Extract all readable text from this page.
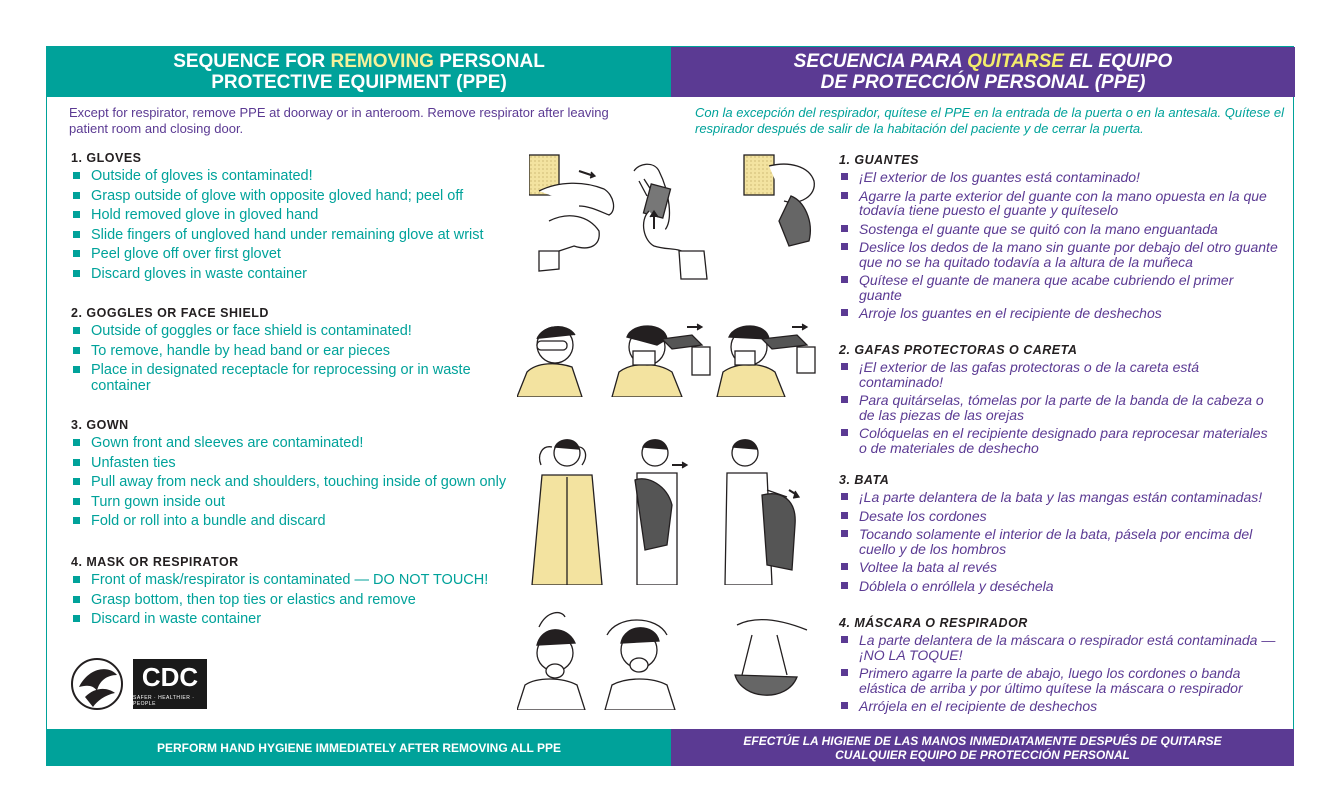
SEQUENCE FOR REMOVING PERSONAL
PROTECTIVE EQUIPMENT (PPE)
SECUENCIA PARA QUITARSE EL EQUIPO
DE PROTECCIÓN PERSONAL (PPE)
Except for respirator, remove PPE at doorway or in anteroom. Remove respirator after leaving patient room and closing door.
Con la excepción del respirador, quítese el PPE en la entrada de la puerta o en la antesala. Quítese el respirador después de salir de la habitación del paciente y de cerrar la puerta.
1. GLOVES
Outside of gloves is contaminated!
Grasp outside of glove with opposite gloved hand; peel off
Hold removed glove in gloved hand
Slide fingers of ungloved hand under remaining glove at wrist
Peel glove off over first glovet
Discard gloves in waste container
2. GOGGLES OR FACE SHIELD
Outside of goggles or face shield is contaminated!
To remove, handle by head band or ear pieces
Place in designated receptacle for reprocessing or in waste container
3. GOWN
Gown front and sleeves are contaminated!
Unfasten ties
Pull away from neck and shoulders, touching inside of gown only
Turn gown inside out
Fold or roll into a bundle and discard
4. MASK OR RESPIRATOR
Front of mask/respirator is contaminated — DO NOT TOUCH!
Grasp bottom, then top ties or elastics and remove
Discard in waste container
1. GUANTES
¡El exterior de los guantes está contaminado!
Agarre la parte exterior del guante con la mano opuesta en la que todavía tiene puesto el guante y quíteselo
Sostenga el guante que se quitó con la mano enguantada
Deslice los dedos de la mano sin guante por debajo del otro guante que no se ha quitado todavía a la altura de la muñeca
Quítese el guante de manera que acabe cubriendo el primer guante
Arroje los guantes en el recipiente de deshechos
2. GAFAS PROTECTORAS O CARETA
¡El exterior de las gafas protectoras o de la careta está contaminado!
Para quitárselas, tómelas por la parte de la banda de la cabeza o de las piezas de las orejas
Colóquelas en el recipiente designado para reprocesar materiales o de materiales de deshecho
3. BATA
¡La parte delantera de la bata y las mangas están contaminadas!
Desate los cordones
Tocando solamente el interior de la bata, pásela por encima del cuello y de los hombros
Voltee la bata al revés
Dóblela o enróllela y deséchela
4. MÁSCARA O RESPIRADOR
La parte delantera de la máscara o respirador está contaminada — ¡NO LA TOQUE!
Primero agarre la parte de abajo, luego los cordones o banda elástica de arriba y por último quítese la máscara o respirador
Arrójela en el recipiente de deshechos
CDC
SAFER · HEALTHIER · PEOPLE
PERFORM HAND HYGIENE IMMEDIATELY AFTER REMOVING ALL PPE	EFECTÚE LA HIGIENE DE LAS MANOS INMEDIATAMENTE DESPUÉS DE QUITARSE
CUALQUIER EQUIPO DE PROTECCIÓN PERSONAL
